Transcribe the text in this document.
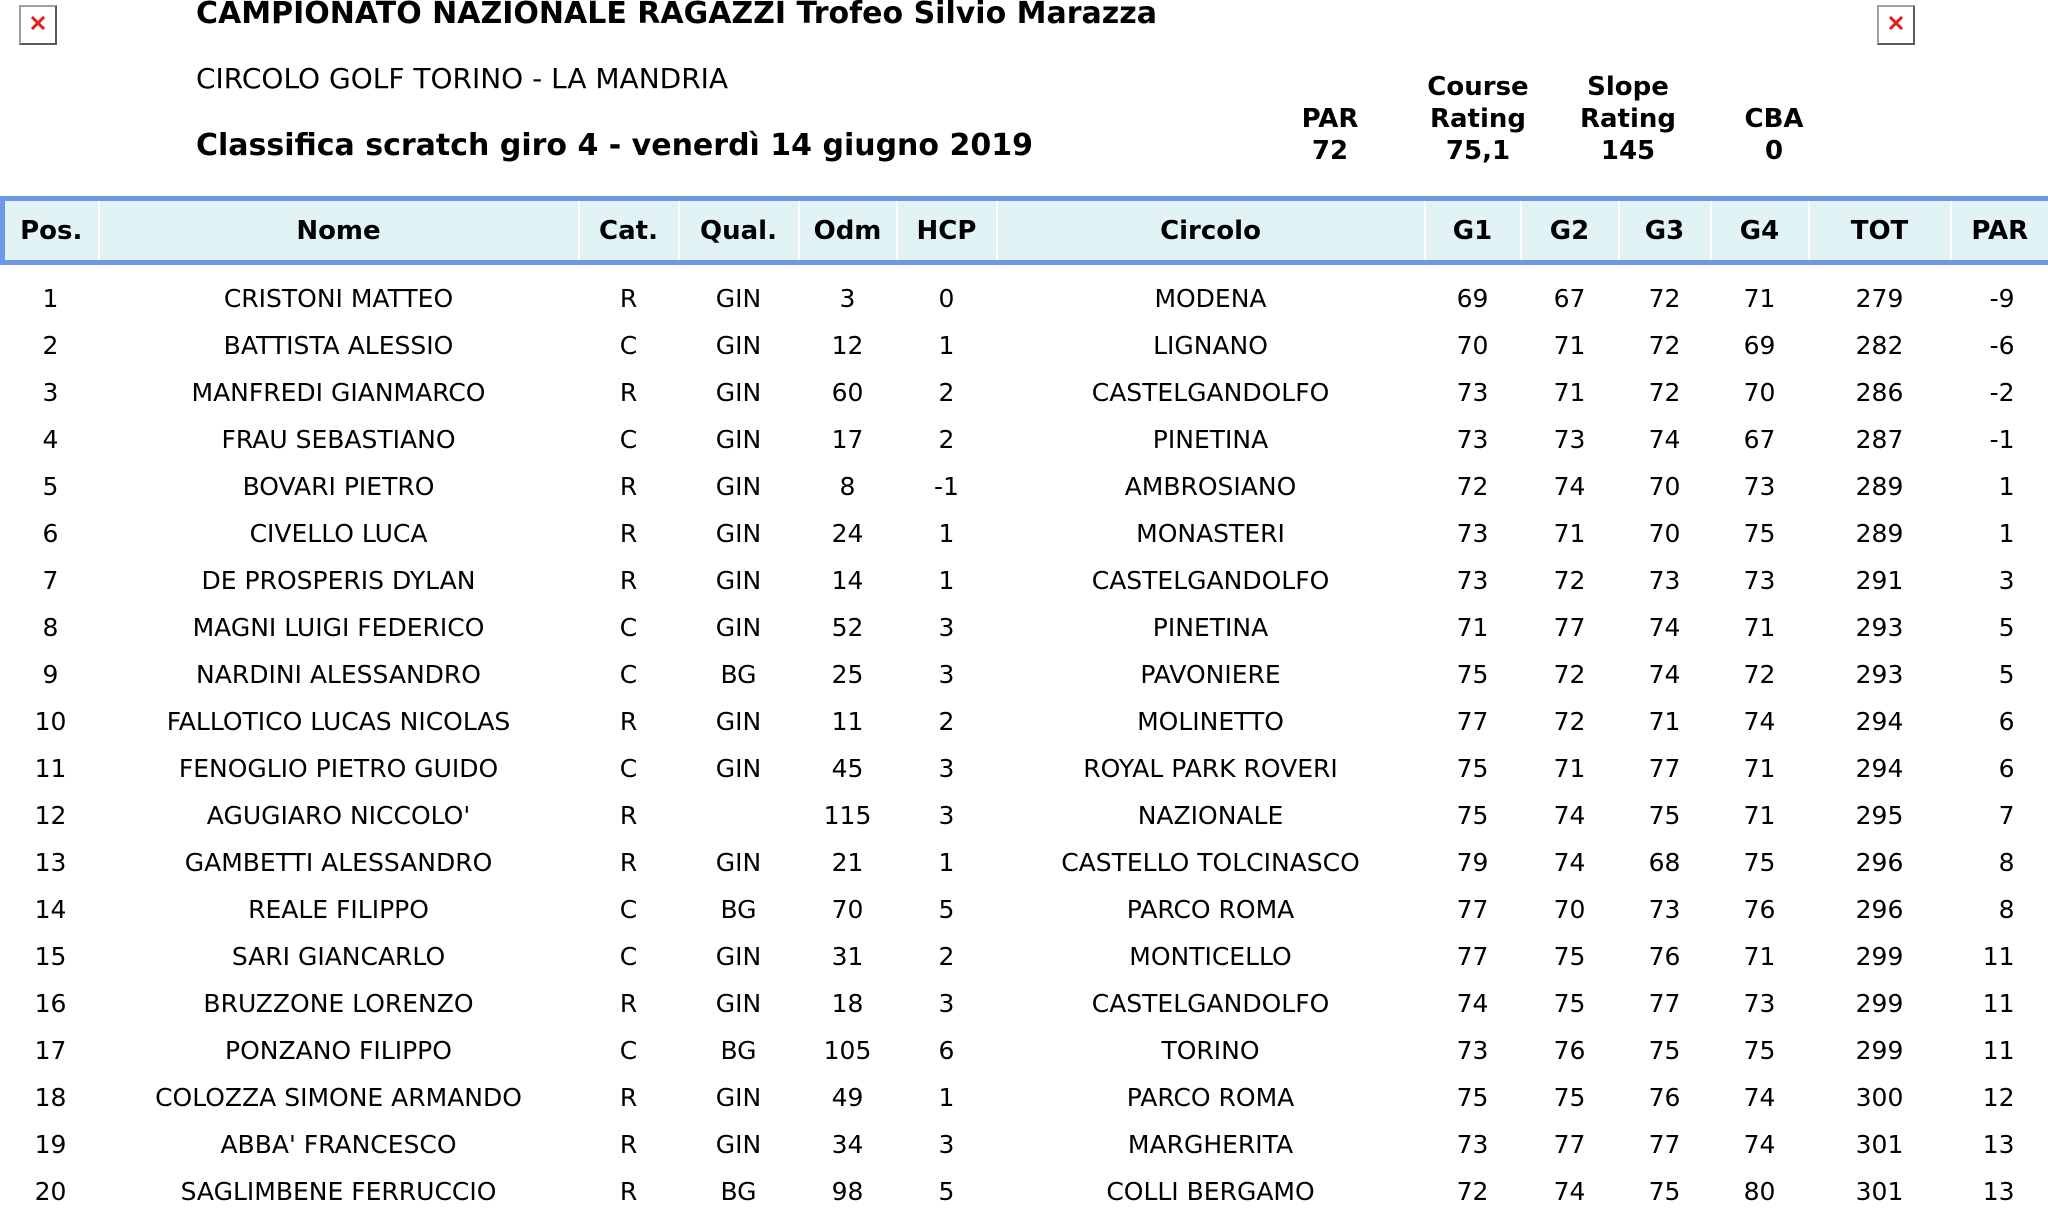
CAMPIONATO NAZIONALE RAGAZZI Trofeo Silvio Marazza
CIRCOLO GOLF TORINO - LA MANDRIA
Classifica scratch giro 4 - venerdì 14 giugno 2019
PAR
72
Course
Rating
75,1
Slope
Rating
145
CBA
0
Pos.	Nome	Cat.	Qual.	Odm	HCP	Circolo	G1	G2	G3	G4	TOT	PAR
1	CRISTONI MATTEO	R	GIN	3	0	MODENA	69	67	72	71	279	-9
2	BATTISTA ALESSIO	C	GIN	12	1	LIGNANO	70	71	72	69	282	-6
3	MANFREDI GIANMARCO	R	GIN	60	2	CASTELGANDOLFO	73	71	72	70	286	-2
4	FRAU SEBASTIANO	C	GIN	17	2	PINETINA	73	73	74	67	287	-1
5	BOVARI PIETRO	R	GIN	8	-1	AMBROSIANO	72	74	70	73	289	1
6	CIVELLO LUCA	R	GIN	24	1	MONASTERI	73	71	70	75	289	1
7	DE PROSPERIS DYLAN	R	GIN	14	1	CASTELGANDOLFO	73	72	73	73	291	3
8	MAGNI LUIGI FEDERICO	C	GIN	52	3	PINETINA	71	77	74	71	293	5
9	NARDINI ALESSANDRO	C	BG	25	3	PAVONIERE	75	72	74	72	293	5
10	FALLOTICO LUCAS NICOLAS	R	GIN	11	2	MOLINETTO	77	72	71	74	294	6
11	FENOGLIO PIETRO GUIDO	C	GIN	45	3	ROYAL PARK ROVERI	75	71	77	71	294	6
12	AGUGIARO NICCOLO'	R		115	3	NAZIONALE	75	74	75	71	295	7
13	GAMBETTI ALESSANDRO	R	GIN	21	1	CASTELLO TOLCINASCO	79	74	68	75	296	8
14	REALE FILIPPO	C	BG	70	5	PARCO ROMA	77	70	73	76	296	8
15	SARI GIANCARLO	C	GIN	31	2	MONTICELLO	77	75	76	71	299	11
16	BRUZZONE LORENZO	R	GIN	18	3	CASTELGANDOLFO	74	75	77	73	299	11
17	PONZANO FILIPPO	C	BG	105	6	TORINO	73	76	75	75	299	11
18	COLOZZA SIMONE ARMANDO	R	GIN	49	1	PARCO ROMA	75	75	76	74	300	12
19	ABBA' FRANCESCO	R	GIN	34	3	MARGHERITA	73	77	77	74	301	13
20	SAGLIMBENE FERRUCCIO	R	BG	98	5	COLLI BERGAMO	72	74	75	80	301	13
